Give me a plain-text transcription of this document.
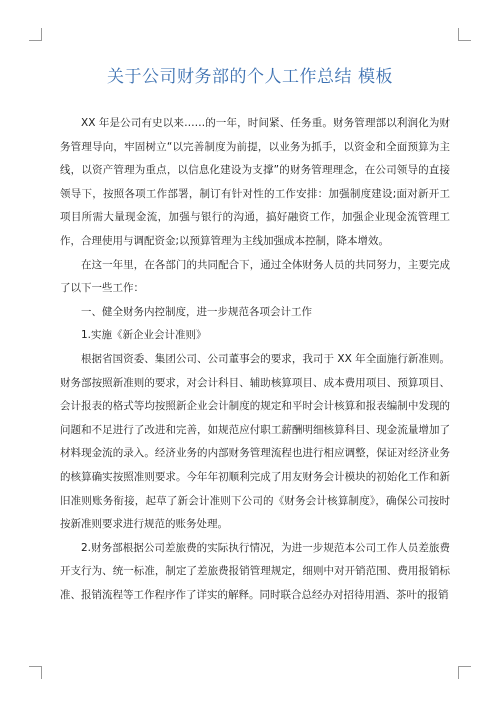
关于公司财务部的个人工作总结 模板

XX 年是公司有史以来……的一年，时间紧、任务重。财务管理部以利润化为财务管理导向，牢固树立“以完善制度为前提，以业务为抓手，以资金和全面预算为主线，以资产管理为重点，以信息化建设为支撑”的财务管理理念，在公司领导的直接领导下，按照各项工作部署，制订有针对性的工作安排：加强制度建设;面对新开工项目所需大量现金流，加强与银行的沟通，搞好融资工作，加强企业现金流管理工作，合理使用与调配资金;以预算管理为主线加强成本控制，降本增效。

在这一年里，在各部门的共同配合下，通过全体财务人员的共同努力，主要完成了以下一些工作：

一、健全财务内控制度，进一步规范各项会计工作

1.实施《新企业会计准则》

根据省国资委、集团公司、公司董事会的要求，我司于 XX 年全面施行新准则。财务部按照新准则的要求，对会计科目、辅助核算项目、成本费用项目、预算项目、会计报表的格式等均按照新企业会计制度的规定和平时会计核算和报表编制中发现的问题和不足进行了改进和完善，如规范应付职工薪酬明细核算科目、现金流量增加了材料现金流的录入。经济业务的内部财务管理流程也进行相应调整，保证对经济业务的核算确实按照准则要求。今年年初顺利完成了用友财务会计模块的初始化工作和新旧准则账务衔接，起草了新会计准则下公司的《财务会计核算制度》，确保公司按时按新准则要求进行规范的账务处理。

2.财务部根据公司差旅费的实际执行情况，为进一步规范本公司工作人员差旅费开支行为、统一标准，制定了差旅费报销管理规定，细则中对开销范围、费用报销标准、报销流程等工作程序作了详实的解释。同时联合总经办对招待用酒、茶叶的报销
